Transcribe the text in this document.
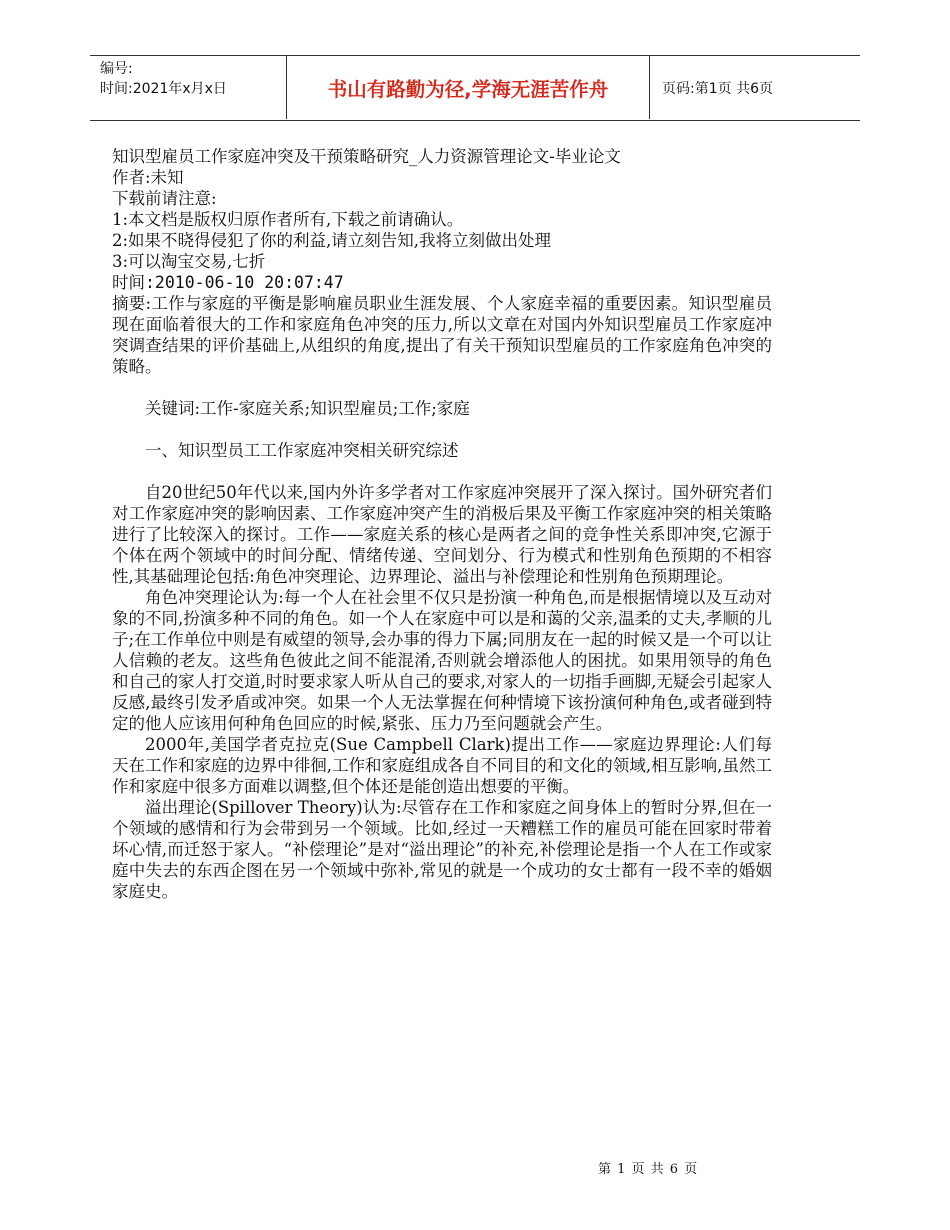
编号:
时间:2021年x月x日	书山有路勤为径,学海无涯苦作舟	页码:第1页 共6页

知识型雇员工作家庭冲突及干预策略研究_人力资源管理论文-毕业论文

作者:未知

下载前请注意:

1:本文档是版权归原作者所有,下载之前请确认。

2:如果不晓得侵犯了你的利益,请立刻告知,我将立刻做出处理

3:可以淘宝交易,七折

时间:2010-06-10 20:07:47

摘要:工作与家庭的平衡是影响雇员职业生涯发展、个人家庭幸福的重要因素。知识型雇员现在面临着很大的工作和家庭角色冲突的压力,所以文章在对国内外知识型雇员工作家庭冲突调查结果的评价基础上,从组织的角度,提出了有关干预知识型雇员的工作家庭角色冲突的策略。

关键词:工作-家庭关系;知识型雇员;工作;家庭

一、知识型员工工作家庭冲突相关研究综述

自20世纪50年代以来,国内外许多学者对工作家庭冲突展开了深入探讨。国外研究者们对工作家庭冲突的影响因素、工作家庭冲突产生的消极后果及平衡工作家庭冲突的相关策略进行了比较深入的探讨。工作——家庭关系的核心是两者之间的竞争性关系即冲突,它源于个体在两个领域中的时间分配、情绪传递、空间划分、行为模式和性别角色预期的不相容性,其基础理论包括:角色冲突理论、边界理论、溢出与补偿理论和性别角色预期理论。

角色冲突理论认为:每一个人在社会里不仅只是扮演一种角色,而是根据情境以及互动对象的不同,扮演多种不同的角色。如一个人在家庭中可以是和蔼的父亲,温柔的丈夫,孝顺的儿子;在工作单位中则是有威望的领导,会办事的得力下属;同朋友在一起的时候又是一个可以让人信赖的老友。这些角色彼此之间不能混淆,否则就会增添他人的困扰。如果用领导的角色和自己的家人打交道,时时要求家人听从自己的要求,对家人的一切指手画脚,无疑会引起家人反感,最终引发矛盾或冲突。如果一个人无法掌握在何种情境下该扮演何种角色,或者碰到特定的他人应该用何种角色回应的时候,紧张、压力乃至问题就会产生。

2000年,美国学者克拉克(Sue Campbell Clark)提出工作——家庭边界理论:人们每天在工作和家庭的边界中徘徊,工作和家庭组成各自不同目的和文化的领域,相互影响,虽然工作和家庭中很多方面难以调整,但个体还是能创造出想要的平衡。

溢出理论(Spillover Theory)认为:尽管存在工作和家庭之间身体上的暂时分界,但在一个领域的感情和行为会带到另一个领域。比如,经过一天糟糕工作的雇员可能在回家时带着坏心情,而迁怒于家人。“补偿理论”是对“溢出理论”的补充,补偿理论是指一个人在工作或家庭中失去的东西企图在另一个领域中弥补,常见的就是一个成功的女士都有一段不幸的婚姻家庭史。

第 1 页 共 6 页
